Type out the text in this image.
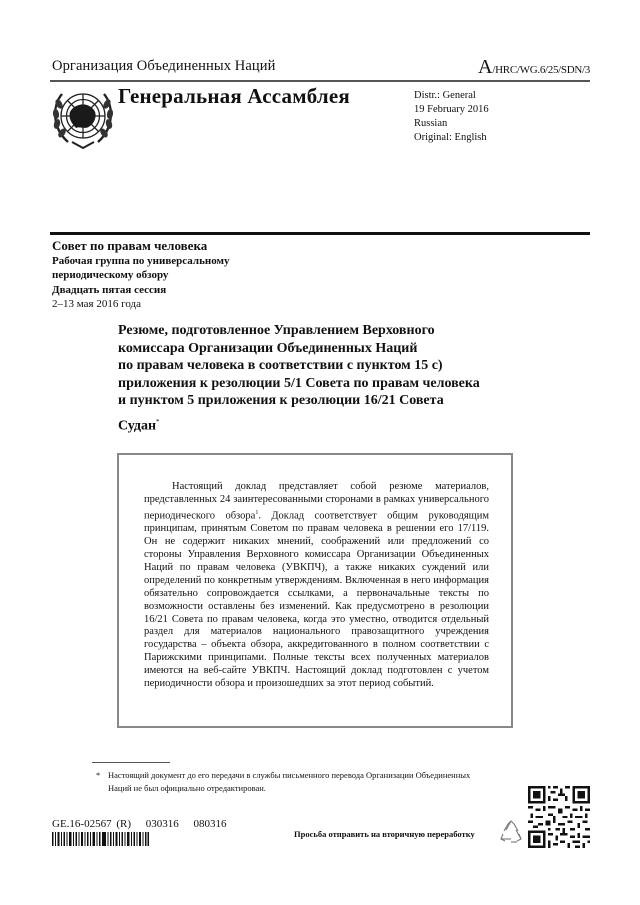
Организация Объединенных Наций	A/HRC/WG.6/25/SDN/3
Генеральная Ассамблея	Distr.: General
19 February 2016
Russian
Original: English
Совет по правам человека
Рабочая группа по универсальному
периодическому обзору
Двадцать пятая сессия
2–13 мая 2016 года
Резюме, подготовленное Управлением Верховного
комиссара Организации Объединенных Наций
по правам человека в соответствии с пунктом 15 c)
приложения к резолюции 5/1 Совета по правам человека
и пунктом 5 приложения к резолюции 16/21 Совета
Судан*
Настоящий доклад представляет собой резюме материалов, представленных 24 заинтересованными сторонами в рамках универсального периодического обзора$^1$. Доклад соответствует общим руководящим принципам, принятым Советом по правам человека в решении его 17/119. Он не содержит никаких мнений, соображений или предложений со стороны Управления Верховного комиссара Организации Объединенных Наций по правам человека (УВКПЧ), а также никаких суждений или определений по конкретным утверждениям. Включенная в него информация обязательно сопровождается ссылками, а первоначальные тексты по возможности оставлены без изменений. Как предусмотрено в резолюции 16/21 Совета по правам человека, когда это уместно, отводится отдельный раздел для материалов национального правозащитного учреждения государства – объекта обзора, аккредитованного в полном соответствии с Парижскими принципами. Полные тексты всех полученных материалов имеются на веб-сайте УВКПЧ. Настоящий доклад подготовлен с учетом периодичности обзора и произошедших за этот период событий.
* Настоящий документ до его передачи в службы письменного перевода Организации Объединенных Наций не был официально отредактирован.
GE.16-02567 (R) 030316 080316
Просьба отправить на вторичную переработку
